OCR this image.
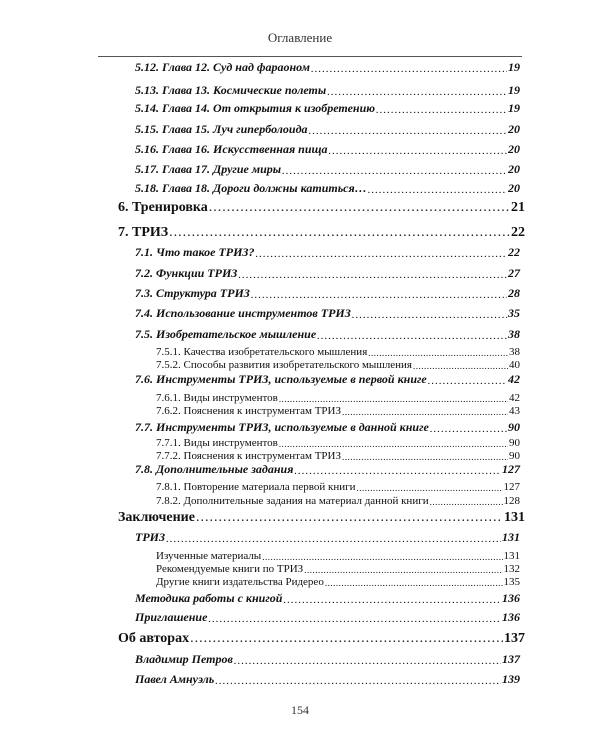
Оглавление
5.12. Глава 12. Суд над фараоном .....	19
5.13. Глава 13. Космические полеты .....	19
5.14. Глава 14. От открытия к изобретению .....	19
5.15. Глава 15. Луч гиперболоида .....	20
5.16. Глава 16. Искусственная пища .....	20
5.17. Глава 17. Другие миры .....	20
5.18. Глава 18. Дороги должны катиться… .....	20
6. Тренировка .....	21
7. ТРИЗ .....	22
7.1. Что такое ТРИЗ? .....	22
7.2. Функции ТРИЗ .....	27
7.3. Структура ТРИЗ .....	28
7.4. Использование инструментов ТРИЗ .....	35
7.5. Изобретательское мышление .....	38
7.5.1. Качества изобретательского мышления .....	38
7.5.2. Способы развития изобретательского мышления .....	40
7.6. Инструменты ТРИЗ, используемые в первой книге .....	42
7.6.1. Виды инструментов .....	42
7.6.2. Пояснения к инструментам ТРИЗ .....	43
7.7. Инструменты ТРИЗ, используемые в данной книге .....	90
7.7.1. Виды инструментов .....	90
7.7.2. Пояснения к инструментам ТРИЗ .....	90
7.8. Дополнительные задания .....	127
7.8.1. Повторение материала первой книги .....	127
7.8.2. Дополнительные задания на материал данной книги .....	128
Заключение .....	131
ТРИЗ .....	131
Изученные материалы .....	131
Рекомендуемые книги по ТРИЗ .....	132
Другие книги издательства Ридерео .....	135
Методика работы с книгой .....	136
Приглашение .....	136
Об авторах .....	137
Владимир Петров .....	137
Павел Амнуэль .....	139
154
